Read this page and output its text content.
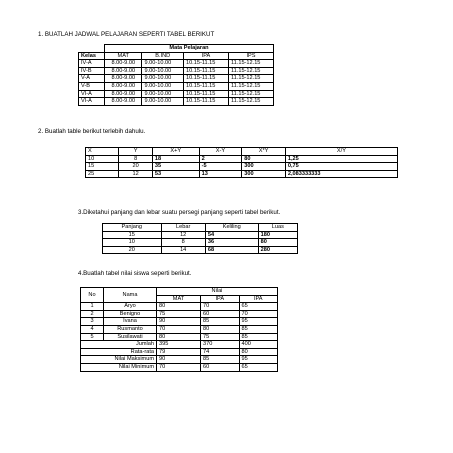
1. BUATLAH JADWAL PELAJARAN SEPERTI TABEL BERIKUT
	Mata Pelajaran			
Kelas	MAT	B.IND	IPA	IPS
IV-A	8.00-9.00	9.00-10.00	10.15-11.15	11.15-12.15
IV-B	8.00-9.00	9.00-10.00	10.15-11.15	11.15-12.15
V-A	8.00-9.00	9.00-10.00	10.15-11.15	11.15-12.15
V-B	8.00-9.00	9.00-10.00	10.15-11.15	11.15-12.15
VI-A	8.00-9.00	9.00-10.00	10.15-11.15	11.15-12.15
VI-A	8.00-9.00	9.00-10.00	10.15-11.15	11.15-12.15
2. Buatlah table berikut terlebih dahulu.
X	Y	X+Y	X-Y	X*Y	X/Y
10	8	18	2	80	1,25
15	20	35	-5	300	0,75
25	12	53	13	300	2,083333333
3.Diketahui panjang dan lebar suatu persegi panjang seperti tabel berikut.
Panjang	Lebar	Keliling	Luas
15	12	54	180
10	8	36	80
20	14	68	280
4.Buatlah tabel nilai siswa seperti berikut.
No	Nama	Nilai		
		MAT	IPA	IPA
1	Aryo	80	70	65
2	Benigno	75	60	70
3	Ivana	90	85	95
4	Rusmanto	70	80	85
5	Susilawati	80	75	85
Jumlah		395	370	400
Rata-rata		79	74	80
Nilai Maksimum		90	85	95
Nilai Minimum		70	60	65
